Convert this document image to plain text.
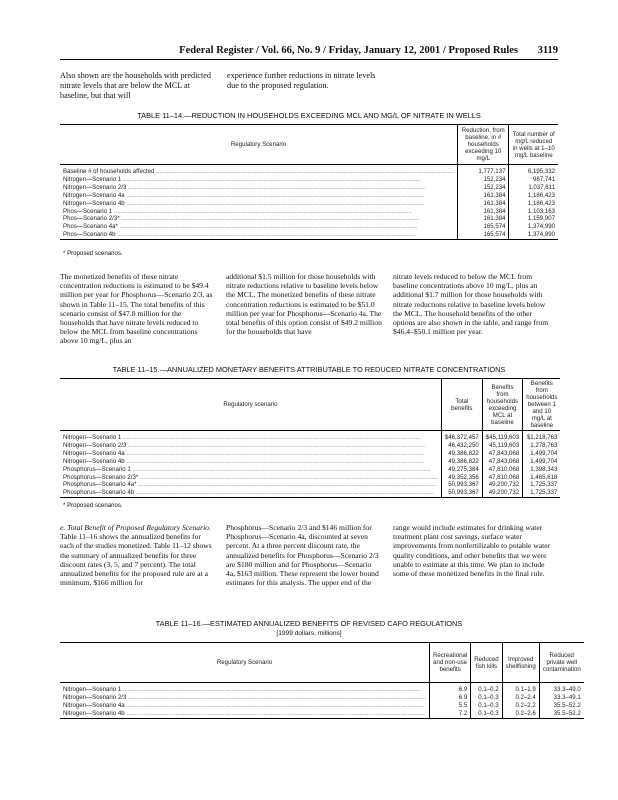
Federal Register / Vol. 66, No. 9 / Friday, January 12, 2001 / Proposed Rules 3119
Also shown are the households with predicted nitrate levels that are below the MCL at baseline, but that will
experience further reductions in nitrate levels due to the proposed regulation.
TABLE 11–14.—REDUCTION IN HOUSEHOLDS EXCEEDING MCL AND MG/L OF NITRATE IN WELLS
Regulatory Scenario	Reduction, from baseline, in # households exceeding 10 mg/L	Total number of mg/L reduced in wells at 1–10 mg/L baseline

Baseline # of households affected .....	1,777,137	6,195,332

Nitrogen—Scenario 1 .....	152,234	987,741

Nitrogen—Scenario 2/3 .....	152,234	1,037,611

Nitrogen—Scenario 4a .....	161,384	1,186,423

Nitrogen—Scenario 4b .....	161,384	1,186,423

Phos—Scenario 1 .....	161,384	1,103,163

Phos—Scenario 2/3* .....	161,384	1,159,907

Phos—Scenario 4a* .....	165,574	1,374,990

Phos—Scenario 4b .....	165,574	1,374,990
* Proposed scenarios.
The monetized benefits of these nitrate concentration reductions is estimated to be $49.4 million per year for Phosphorus—Scenario 2/3, as shown in Table 11–15. The total benefits of this scenario consist of $47.8 million for the households that have nitrate levels reduced to below the MCL from baseline concentrations above 10 mg/L, plus an
additional $1.5 million for those households with nitrate reductions relative to baseline levels below the MCL. The monetized benefits of these nitrate concentration reductions is estimated to be $51.0 million per year for Phosphorus—Scenario 4a. The total benefits of this option consist of $49.2 million for the households that have
nitrate levels reduced to below the MCL from baseline concentrations above 10 mg/L, plus an additional $1.7 million for those households with nitrate reductions relative to baseline levels below the MCL. The household benefits of the other options are also shown in the table, and range from $46.4–$50.1 million per year.
TABLE 11–15.—ANNUALIZED MONETARY BENEFITS ATTRIBUTABLE TO REDUCED NITRATE CONCENTRATIONS
Regulatory scenario	Total benefits	Benefits from households exceeding MCL at baseline	Benefits from households between 1 and 10 mg/L at baseline

Nitrogen—Scenario 1 .....	$46,372,457	$45,119,603	$1,218,763

Nitrogen—Scenario 2/3 .....	46,432,250	45,119,603	1,278,763

Nitrogen—Scenario 4a .....	49,386,822	47,843,068	1,499,704

Nitrogen—Scenario 4b .....	49,386,822	47,843,068	1,499,704

Phosphorus—Scenario 1 .....	49,275,384	47,810,068	1,398,343

Phosphorus—Scenario 2/3* .....	49,352,356	47,810,068	1,465,618

Phosphorus—Scenario 4a* .....	50,993,367	49,200,732	1,725,337

Phosphorus—Scenario 4b .....	50,993,367	49,200,732	1,725,337
* Proposed scenarios.
e. Total Benefit of Proposed Regulatory Scenario. Table 11–16 shows the annualized benefits for each of the studies monetized. Table 11–12 shows the summary of annualized benefits for three discount rates (3, 5, and 7 percent). The total annualized benefits for the proposed rule are at a minimum, $166 million for
Phosphorus—Scenario 2/3 and $146 million for Phosphorus—Scenario 4a, discounted at seven percent. At a three percent discount rate, the annualized benefits for Phosphorus—Scenario 2/3 are $180 million and for Phosphorus—Scenario 4a, $163 million. These represent the lower bound estimates for this analysis. The upper end of the
range would include estimates for drinking water treatment plant cost savings, surface water improvements from nonfertilizable to potable water quality conditions, and other benefits that we were unable to estimate at this time. We plan to include some of these monetized benefits in the final rule.
TABLE 11–16.—ESTIMATED ANNUALIZED BENEFITS OF REVISED CAFO REGULATIONS
[1999 dollars, millions]
Regulatory Scenario	Recreational and non-use benefits	Reduced fish kills	Improved shellfishing	Reduced private well contamination

Nitrogen—Scenario 1 .....	6.9	0.1–0.2	0.1–1.9	33.3–49.0

Nitrogen—Scenario 2/3 .....	6.9	0.1–0.3	0.2–2.4	33.3–49.1

Nitrogen—Scenario 4a .....	5.5	0.1–0.3	0.2–2.2	35.5–52.2

Nitrogen—Scenario 4b .....	7.2	0.1–0.3	0.2–2.6	35.5–52.2
